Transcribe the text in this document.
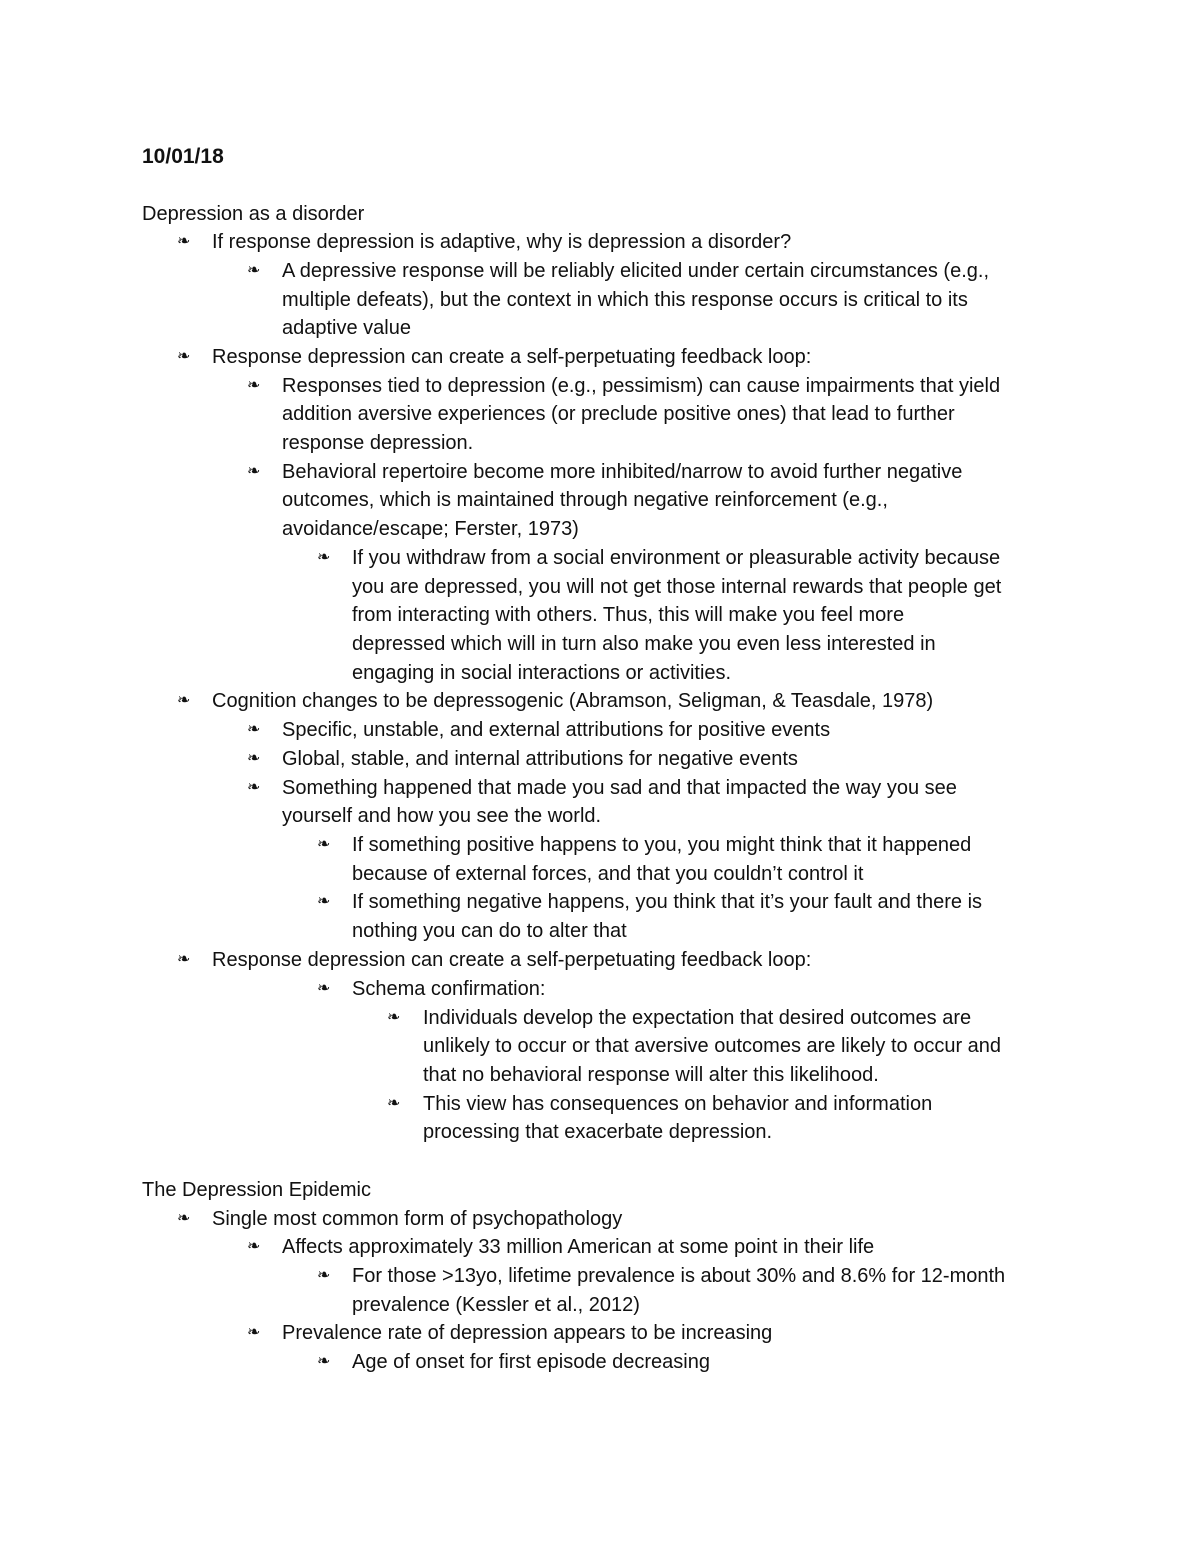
10/01/18
Depression as a disorder
❧ If response depression is adaptive, why is depression a disorder?
❧ A depressive response will be reliably elicited under certain circumstances (e.g.,
multiple defeats), but the context in which this response occurs is critical to its
adaptive value
❧ Response depression can create a self-perpetuating feedback loop:
❧ Responses tied to depression (e.g., pessimism) can cause impairments that yield
addition aversive experiences (or preclude positive ones) that lead to further
response depression.
❧ Behavioral repertoire become more inhibited/narrow to avoid further negative
outcomes, which is maintained through negative reinforcement (e.g.,
avoidance/escape; Ferster, 1973)
❧ If you withdraw from a social environment or pleasurable activity because
you are depressed, you will not get those internal rewards that people get
from interacting with others. Thus, this will make you feel more
depressed which will in turn also make you even less interested in
engaging in social interactions or activities.
❧ Cognition changes to be depressogenic (Abramson, Seligman, & Teasdale, 1978)
❧ Specific, unstable, and external attributions for positive events
❧ Global, stable, and internal attributions for negative events
❧ Something happened that made you sad and that impacted the way you see
yourself and how you see the world.
❧ If something positive happens to you, you might think that it happened
because of external forces, and that you couldn’t control it
❧ If something negative happens, you think that it’s your fault and there is
nothing you can do to alter that
❧ Response depression can create a self-perpetuating feedback loop:
❧ Schema confirmation:
❧ Individuals develop the expectation that desired outcomes are
unlikely to occur or that aversive outcomes are likely to occur and
that no behavioral response will alter this likelihood.
❧ This view has consequences on behavior and information
processing that exacerbate depression.
The Depression Epidemic
❧ Single most common form of psychopathology
❧ Affects approximately 33 million American at some point in their life
❧ For those >13yo, lifetime prevalence is about 30% and 8.6% for 12-month
prevalence (Kessler et al., 2012)
❧ Prevalence rate of depression appears to be increasing
❧ Age of onset for first episode decreasing
